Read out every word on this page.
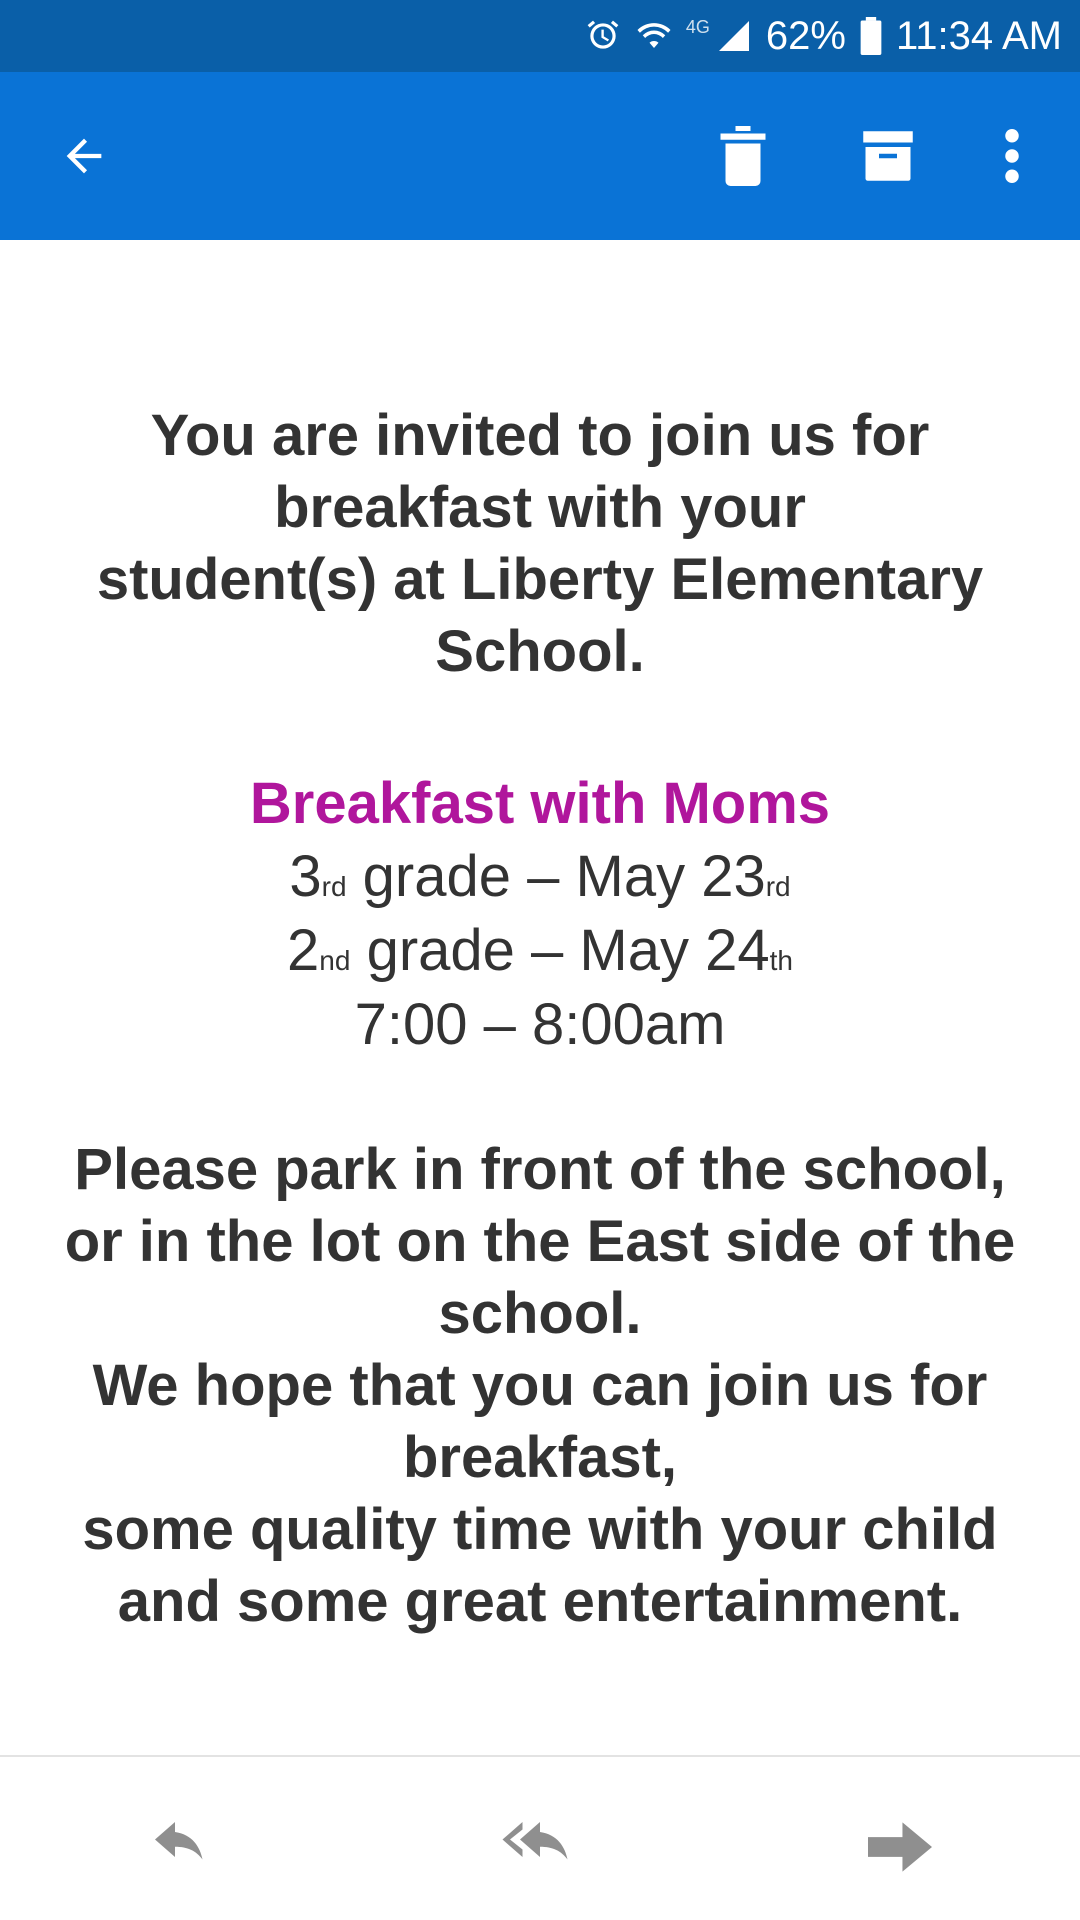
4G 62% 11:34 AM
You are invited to join us for
breakfast with your
student(s) at Liberty Elementary
School.
Breakfast with Moms
3rd grade – May 23rd
2nd grade – May 24th
7:00 – 8:00am
Please park in front of the school,
or in the lot on the East side of the
school.
We hope that you can join us for
breakfast,
some quality time with your child
and some great entertainment.
